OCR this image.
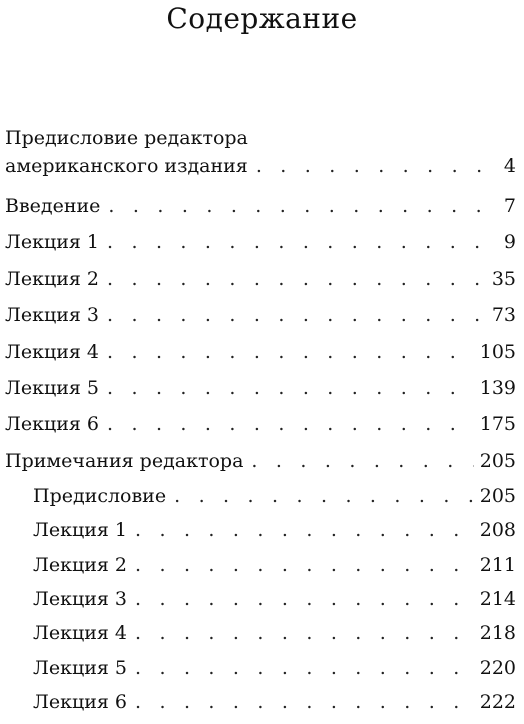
Содержание
Предисловие редактора
американского издания . . .	4
Введение . . .	7
Лекция 1 . . .	9
Лекция 2 . . .	35
Лекция 3 . . .	73
Лекция 4 . . .	105
Лекция 5 . . .	139
Лекция 6 . . .	175
Примечания редактора . . .	205
Предисловие . . .	205
Лекция 1 . . .	208
Лекция 2 . . .	211
Лекция 3 . . .	214
Лекция 4 . . .	218
Лекция 5 . . .	220
Лекция 6 . . .	222
